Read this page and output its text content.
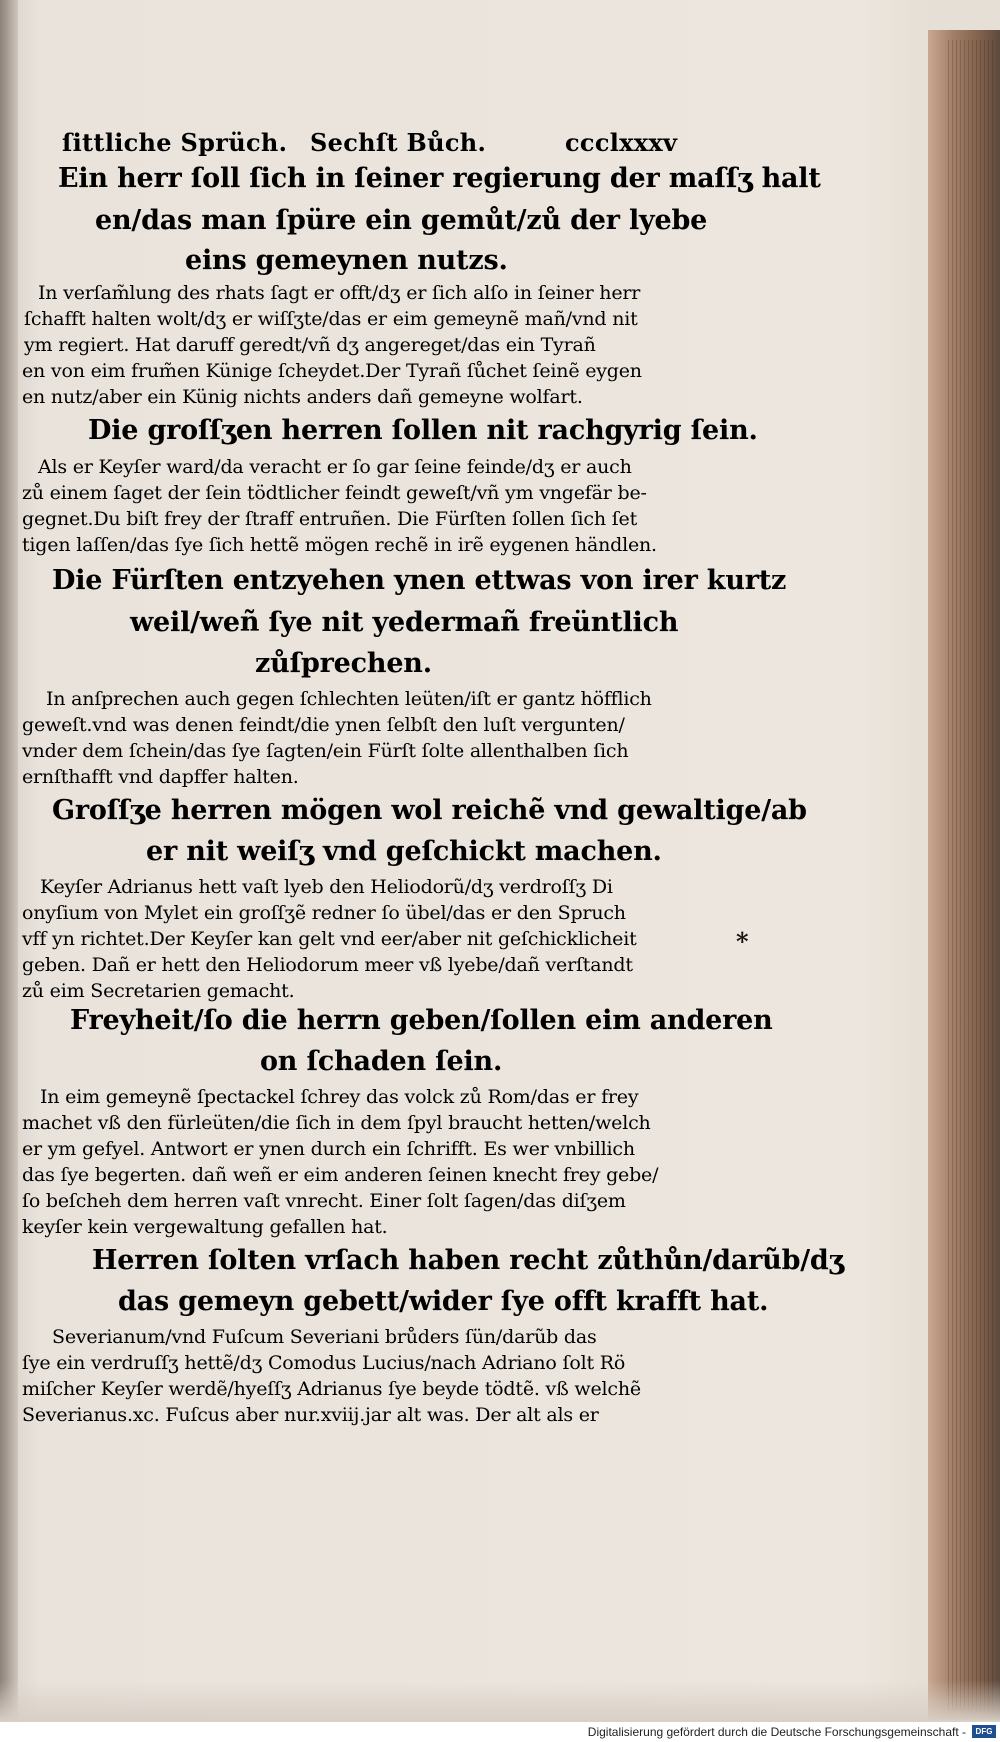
ſittliche Sprüch. Sechſt Bůch.	ccclxxxv
Ein herr ſoll ſich in ſeiner regierung der maſſʒ halt
en/das man ſpüre ein gemůt/zů der lyebe
eins gemeynen nutzs.
In verſam̃lung des rhats ſagt er offt/dʒ er ſich alſo in ſeiner herr
ſchafft halten wolt/dʒ er wiſſʒte/das er eim gemeynẽ mañ/vnd nit
ym regiert. Hat daruff geredt/vñ dʒ angereget/das ein Tyrañ
en von eim frum̃en Künige ſcheydet.Der Tyrañ ſůchet ſeinẽ eygen
en nutz/aber ein Künig nichts anders dañ gemeyne wolfart.
Die groſſʒen herren ſollen nit rachgyrig ſein.
Als er Keyſer ward/da veracht er ſo gar ſeine feinde/dʒ er auch
zů einem ſaget der ſein tödtlicher feindt geweſt/vñ ym vngefär be-
gegnet.Du biſt frey der ſtraff entruñen. Die Fürſten ſollen ſich ſet
tigen laſſen/das ſye ſich hettẽ mögen rechẽ in irẽ eygenen händlen.
Die Fürſten entzyehen ynen ettwas von irer kurtz
weil/weñ ſye nit yedermañ freüntlich
zůſprechen.
In anſprechen auch gegen ſchlechten leüten/iſt er gantz höfflich
geweſt.vnd was denen feindt/die ynen ſelbſt den luſt vergunten/
vnder dem ſchein/das ſye ſagten/ein Fürſt ſolte allenthalben ſich
ernſthafft vnd dapffer halten.
Groſſʒe herren mögen wol reichẽ vnd gewaltige/ab
er nit weiſʒ vnd geſchickt machen.
Keyſer Adrianus hett vaſt lyeb den Heliodorũ/dʒ verdroſſʒ Di
onyſium von Mylet ein groſſʒẽ redner ſo übel/das er den Spruch
vff yn richtet.Der Keyſer kan gelt vnd eer/aber nit geſchicklicheit
geben. Dañ er hett den Heliodorum meer vß lyebe/dañ verſtandt
zů eim Secretarien gemacht.
*
Freyheit/ſo die herrn geben/ſollen eim anderen
on ſchaden ſein.
In eim gemeynẽ ſpectackel ſchrey das volck zů Rom/das er frey
machet vß den fürleüten/die ſich in dem ſpyl braucht hetten/welch
er ym gefyel. Antwort er ynen durch ein ſchrifft. Es wer vnbillich
das ſye begerten. dañ weñ er eim anderen ſeinen knecht frey gebe/
ſo beſcheh dem herren vaſt vnrecht. Einer ſolt ſagen/das diſʒem
keyſer kein vergewaltung gefallen hat.
Herren ſolten vrſach haben recht zůthůn/darũb/dʒ
das gemeyn gebett/wider ſye offt krafft hat.
Severianum/vnd Fuſcum Severiani brůders ſün/darũb das
ſye ein verdruſſʒ hettẽ/dʒ Comodus Lucius/nach Adriano ſolt Rö
miſcher Keyſer werdẽ/hyeſſʒ Adrianus ſye beyde tödtẽ. vß welchẽ
Severianus.xc. Fuſcus aber nur.xviij.jar alt was. Der alt als er
Digitalisierung gefördert durch die Deutsche Forschungsgemeinschaft -	DFG
